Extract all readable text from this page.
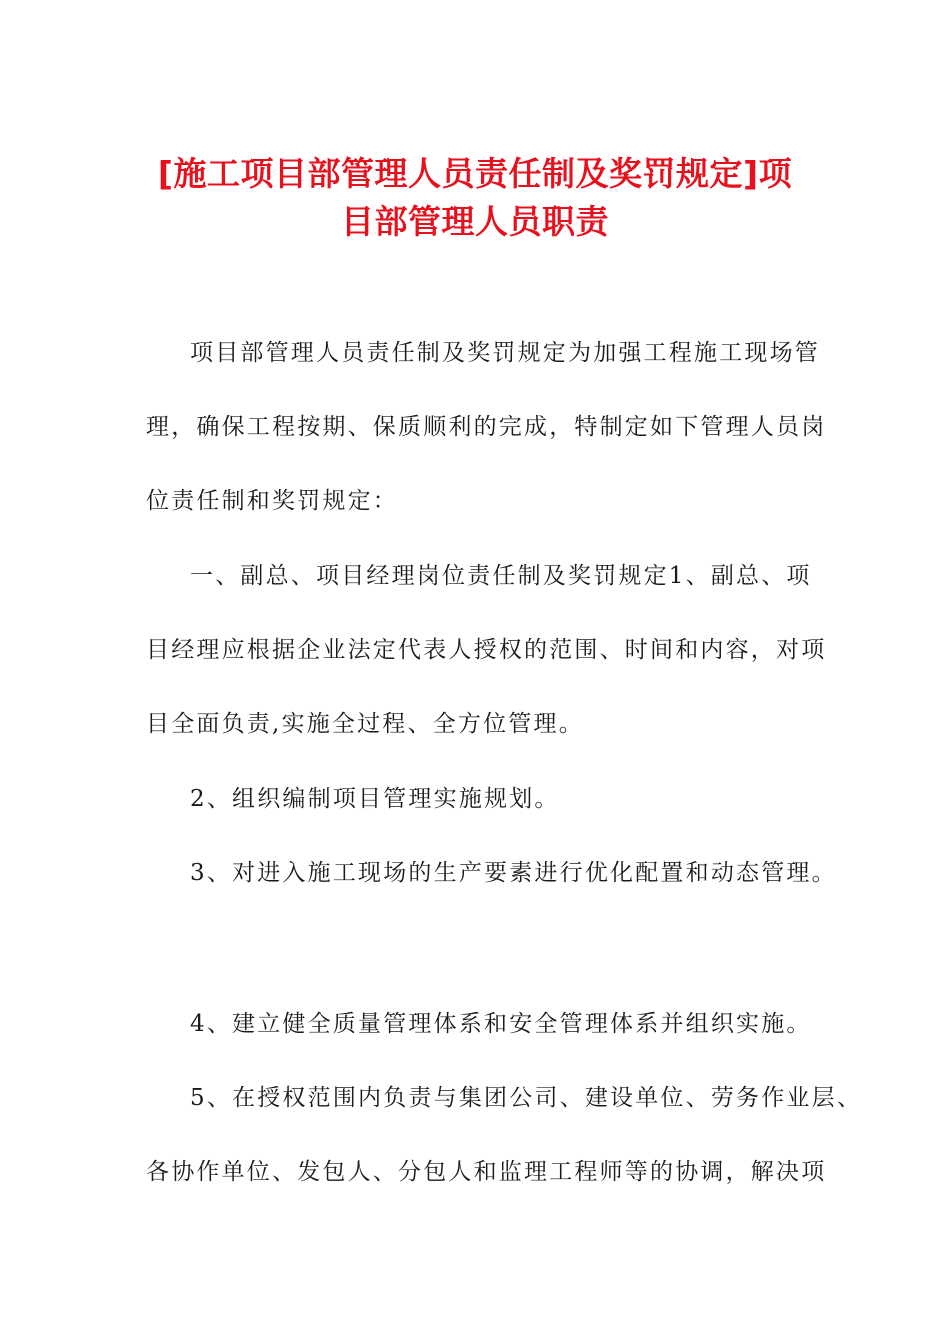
[施工项目部管理人员责任制及奖罚规定]项
目部管理人员职责
项目部管理人员责任制及奖罚规定为加强工程施工现场管
理，确保工程按期、保质顺利的完成，特制定如下管理人员岗
位责任制和奖罚规定：
一、副总、项目经理岗位责任制及奖罚规定1、副总、项
目经理应根据企业法定代表人授权的范围、时间和内容，对项
目全面负责,实施全过程、全方位管理。
2、组织编制项目管理实施规划。
3、对进入施工现场的生产要素进行优化配置和动态管理。
4、建立健全质量管理体系和安全管理体系并组织实施。
5、在授权范围内负责与集团公司、建设单位、劳务作业层、
各协作单位、发包人、分包人和监理工程师等的协调，解决项
